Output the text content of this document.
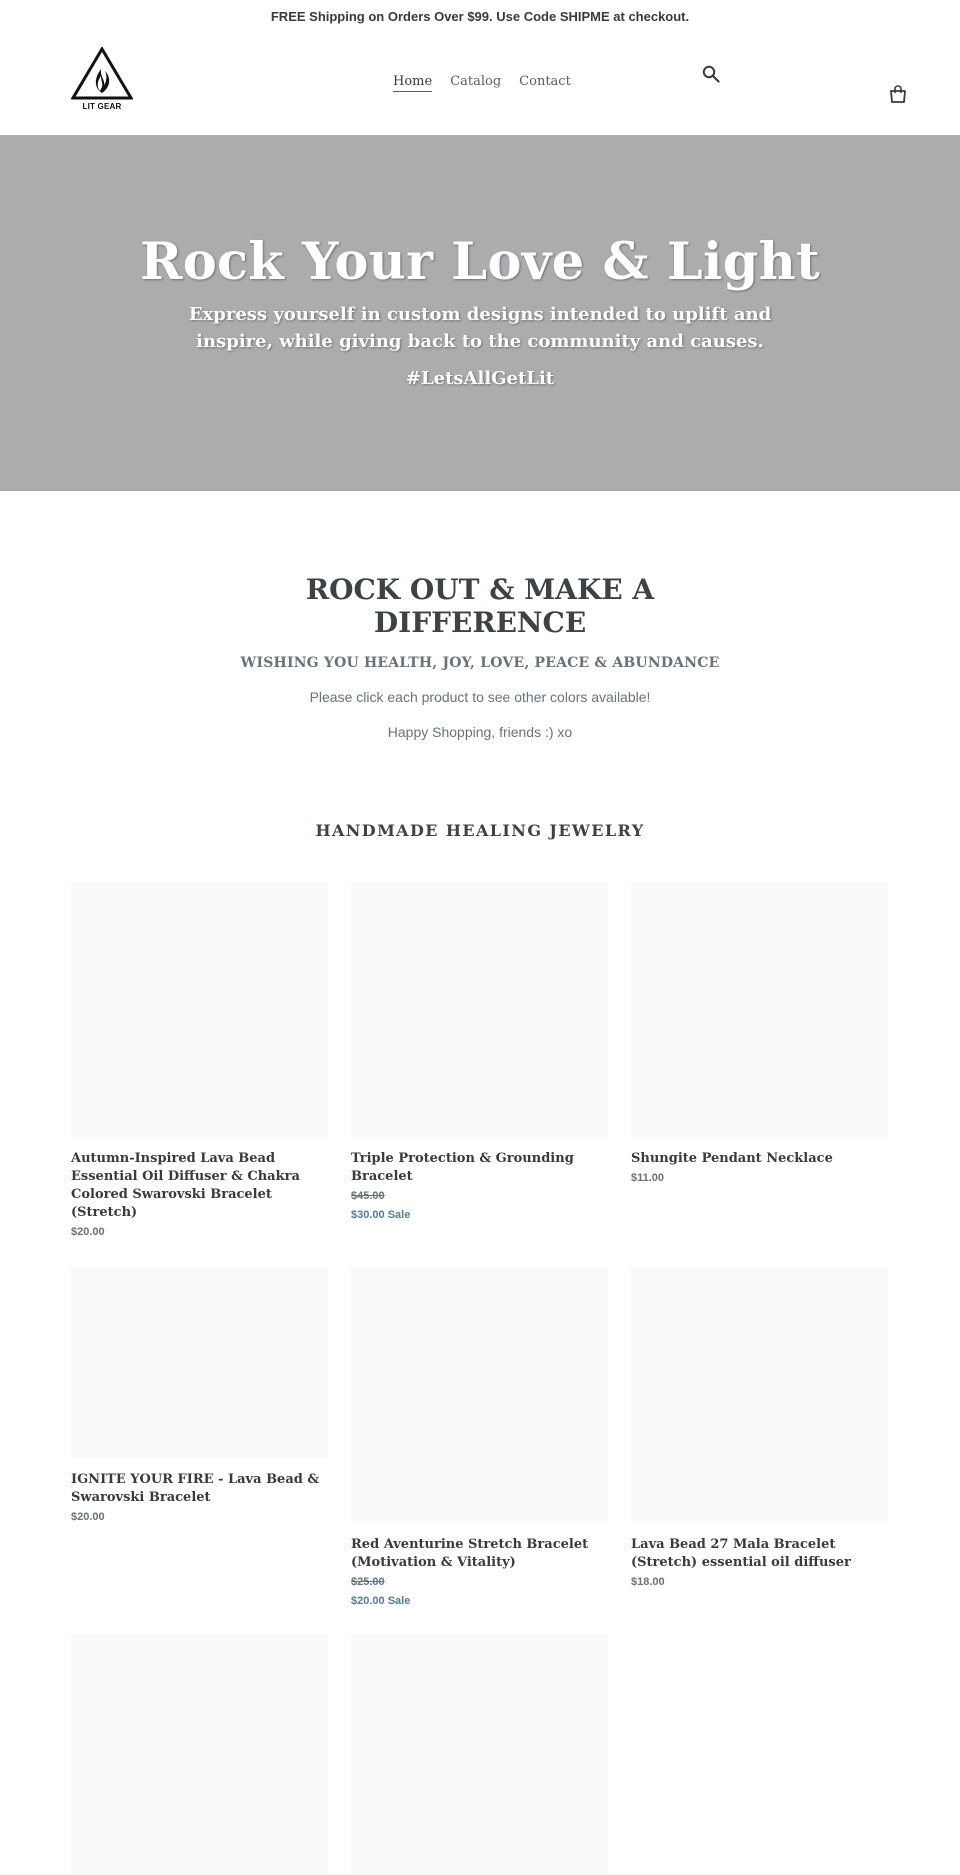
FREE Shipping on Orders Over $99. Use Code SHIPME at checkout.
LIT GEAR
Home Catalog Contact
Rock Your Love & Light
Express yourself in custom designs intended to uplift and inspire, while giving back to the community and causes.
#LetsAllGetLit
ROCK OUT & MAKE A DIFFERENCE
WISHING YOU HEALTH, JOY, LOVE, PEACE & ABUNDANCE

Please click each product to see other colors available!

Happy Shopping, friends :) xo

HANDMADE HEALING JEWELRY
Autumn-Inspired Lava Bead Essential Oil Diffuser & Chakra Colored Swarovski Bracelet (Stretch)
$20.00
Triple Protection & Grounding Bracelet
$45.00
$30.00 Sale
Shungite Pendant Necklace
$11.00
IGNITE YOUR FIRE - Lava Bead & Swarovski Bracelet
$20.00
Red Aventurine Stretch Bracelet (Motivation & Vitality)
$25.00
$20.00 Sale
Lava Bead 27 Mala Bracelet (Stretch) essential oil diffuser
$18.00
